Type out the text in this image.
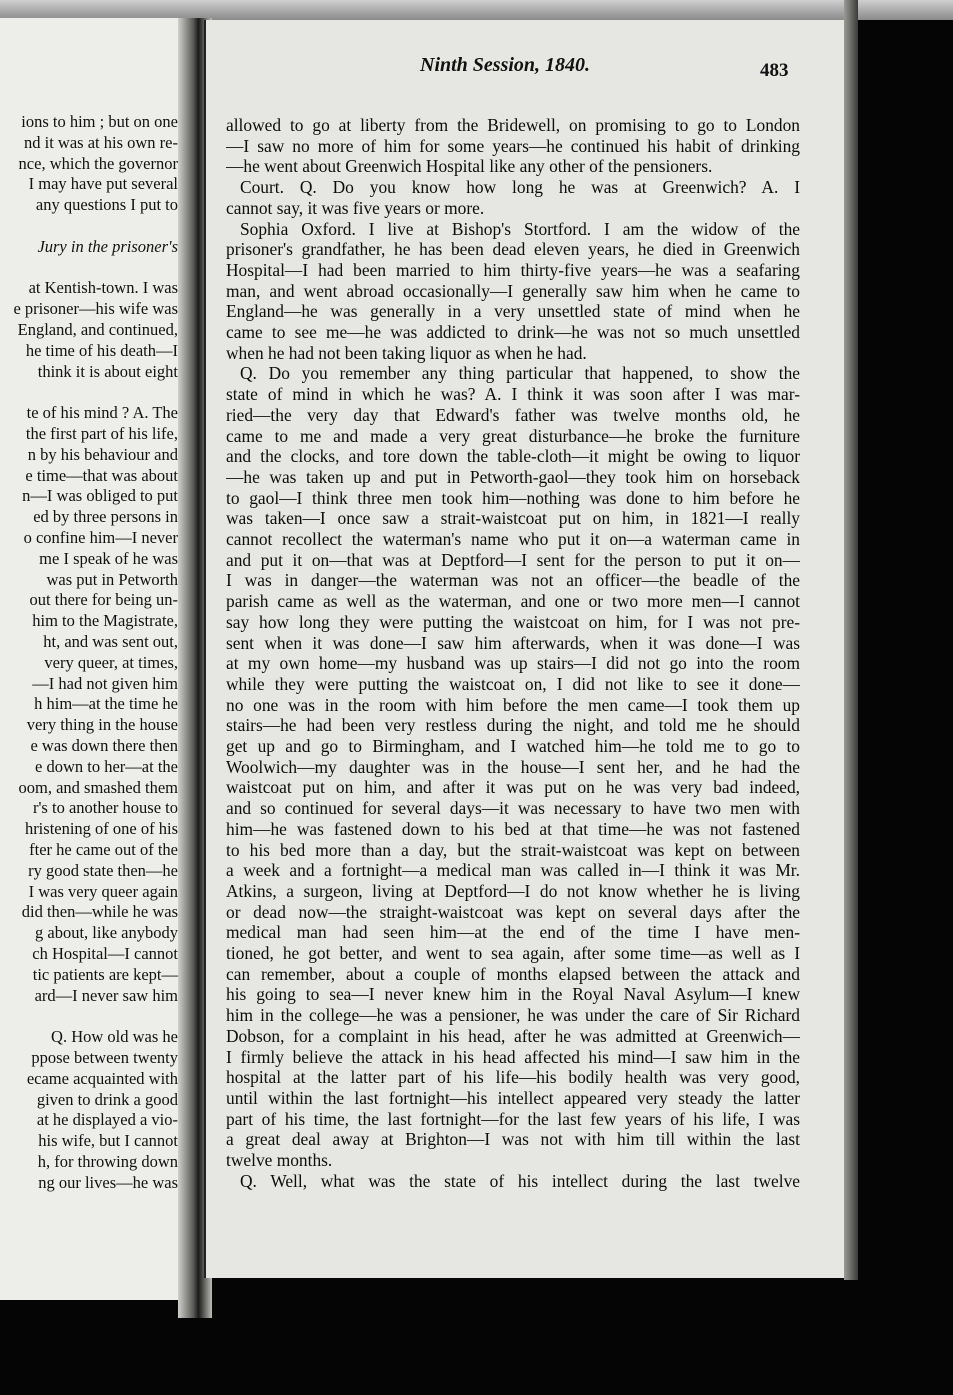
Ninth Session, 1840.	483
ions to him ; but on one
nd it was at his own re-
nce, which the governor
I may have put several
any questions I put to
Jury in the prisoner's
at Kentish-town. I was
e prisoner—his wife was
England, and continued,
he time of his death—I
think it is about eight
te of his mind ? A. The
the first part of his life,
n by his behaviour and
e time—that was about
n—I was obliged to put
ed by three persons in
o confine him—I never
me I speak of he was
was put in Petworth
out there for being un-
him to the Magistrate,
ht, and was sent out,
very queer, at times,
—I had not given him
h him—at the time he
very thing in the house
e was down there then
e down to her—at the
oom, and smashed them
r's to another house to
hristening of one of his
fter he came out of the
ry good state then—he
I was very queer again
did then—while he was
g about, like anybody
ch Hospital—I cannot
tic patients are kept—
ard—I never saw him
Q. How old was he
ppose between twenty
ecame acquainted with
given to drink a good
at he displayed a vio-
his wife, but I cannot
h, for throwing down
ng our lives—he was
allowed to go at liberty from the Bridewell, on promising to go to London
—I saw no more of him for some years—he continued his habit of drinking
—he went about Greenwich Hospital like any other of the pensioners.
Court. Q. Do you know how long he was at Greenwich? A. I
cannot say, it was five years or more.
Sophia Oxford. I live at Bishop's Stortford. I am the widow of the
prisoner's grandfather, he has been dead eleven years, he died in Greenwich
Hospital—I had been married to him thirty-five years—he was a seafaring
man, and went abroad occasionally—I generally saw him when he came to
England—he was generally in a very unsettled state of mind when he
came to see me—he was addicted to drink—he was not so much unsettled
when he had not been taking liquor as when he had.
Q. Do you remember any thing particular that happened, to show the
state of mind in which he was? A. I think it was soon after I was mar-
ried—the very day that Edward's father was twelve months old, he
came to me and made a very great disturbance—he broke the furniture
and the clocks, and tore down the table-cloth—it might be owing to liquor
—he was taken up and put in Petworth-gaol—they took him on horseback
to gaol—I think three men took him—nothing was done to him before he
was taken—I once saw a strait-waistcoat put on him, in 1821—I really
cannot recollect the waterman's name who put it on—a waterman came in
and put it on—that was at Deptford—I sent for the person to put it on—
I was in danger—the waterman was not an officer—the beadle of the
parish came as well as the waterman, and one or two more men—I cannot
say how long they were putting the waistcoat on him, for I was not pre-
sent when it was done—I saw him afterwards, when it was done—I was
at my own home—my husband was up stairs—I did not go into the room
while they were putting the waistcoat on, I did not like to see it done—
no one was in the room with him before the men came—I took them up
stairs—he had been very restless during the night, and told me he should
get up and go to Birmingham, and I watched him—he told me to go to
Woolwich—my daughter was in the house—I sent her, and he had the
waistcoat put on him, and after it was put on he was very bad indeed,
and so continued for several days—it was necessary to have two men with
him—he was fastened down to his bed at that time—he was not fastened
to his bed more than a day, but the strait-waistcoat was kept on between
a week and a fortnight—a medical man was called in—I think it was Mr.
Atkins, a surgeon, living at Deptford—I do not know whether he is living
or dead now—the straight-waistcoat was kept on several days after the
medical man had seen him—at the end of the time I have men-
tioned, he got better, and went to sea again, after some time—as well as I
can remember, about a couple of months elapsed between the attack and
his going to sea—I never knew him in the Royal Naval Asylum—I knew
him in the college—he was a pensioner, he was under the care of Sir Richard
Dobson, for a complaint in his head, after he was admitted at Greenwich—
I firmly believe the attack in his head affected his mind—I saw him in the
hospital at the latter part of his life—his bodily health was very good,
until within the last fortnight—his intellect appeared very steady the latter
part of his time, the last fortnight—for the last few years of his life, I was
a great deal away at Brighton—I was not with him till within the last
twelve months.
Q. Well, what was the state of his intellect during the last twelve
